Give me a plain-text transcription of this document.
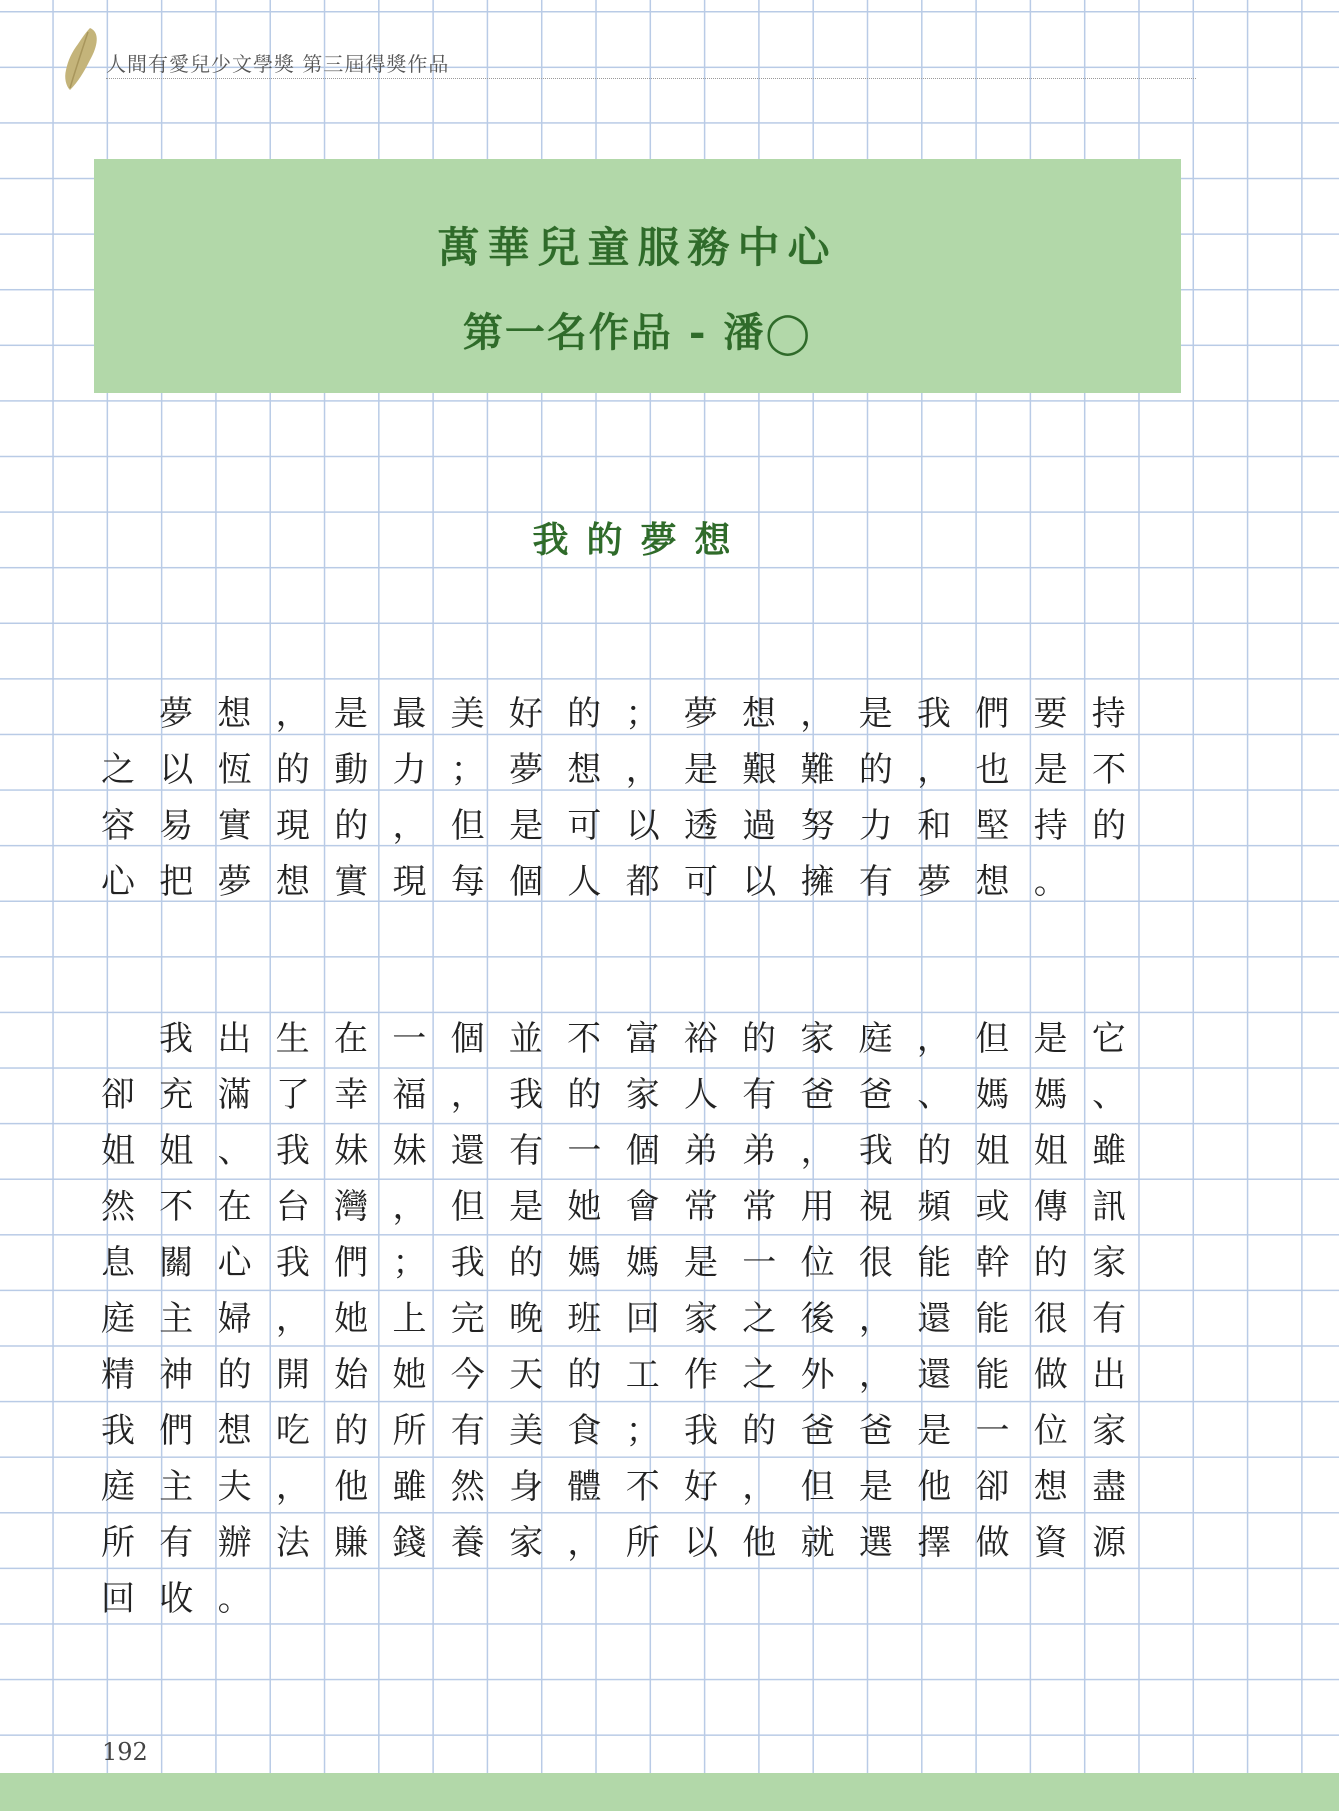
人間有愛兒少文學獎 第三屆得獎作品
萬華兒童服務中心
第一名作品 - 潘◯
我的夢想

夢想，是最美好的；夢想，是我們要持之以恆的動力；夢想，是艱難的，也是不容易實現的，但是可以透過努力和堅持的心把夢想實現每個人都可以擁有夢想。

我出生在一個並不富裕的家庭，但是它卻充滿了幸福，我的家人有爸爸、媽媽、姐姐、我妹妹還有一個弟弟，我的姐姐雖然不在台灣，但是她會常常用視頻或傳訊息關心我們；我的媽媽是一位很能幹的家庭主婦，她上完晚班回家之後，還能很有精神的開始她今天的工作之外，還能做出我們想吃的所有美食；我的爸爸是一位家庭主夫，他雖然身體不好，但是他卻想盡所有辦法賺錢養家，所以他就選擇做資源回收。

192
